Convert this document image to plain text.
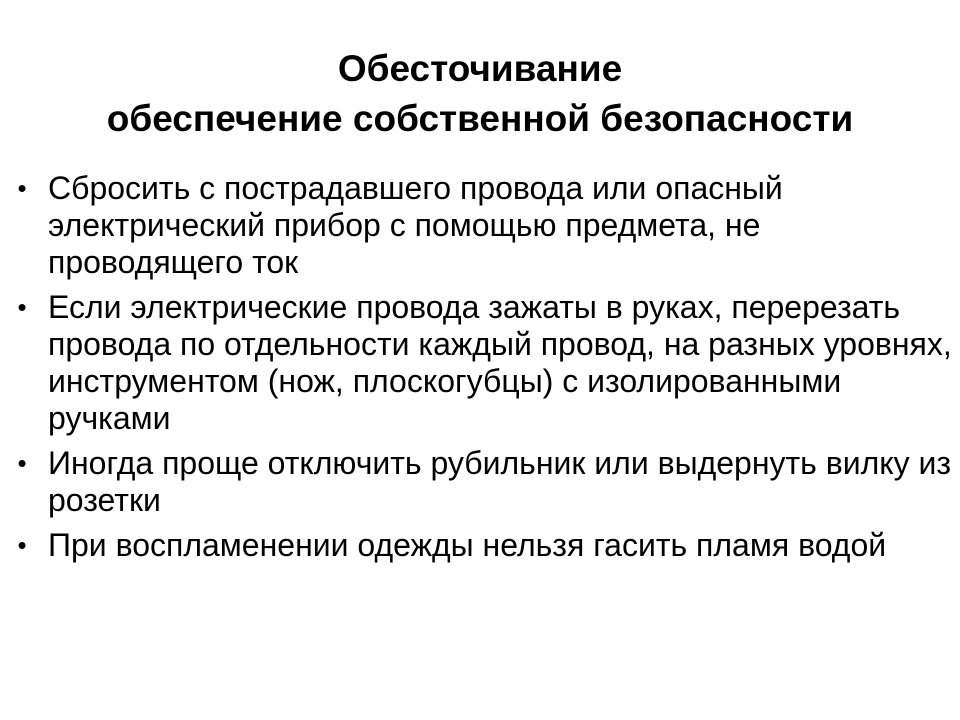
Обесточивание
обеспечение собственной безопасности
• Сбросить с пострадавшего провода или опасный электрический прибор с помощью предмета, не проводящего ток
• Если электрические провода зажаты в руках, перерезать провода по отдельности каждый провод, на разных уровнях, инструментом (нож, плоскогубцы) с изолированными ручками
• Иногда проще отключить рубильник или выдернуть вилку из розетки
• При воспламенении одежды нельзя гасить пламя водой
